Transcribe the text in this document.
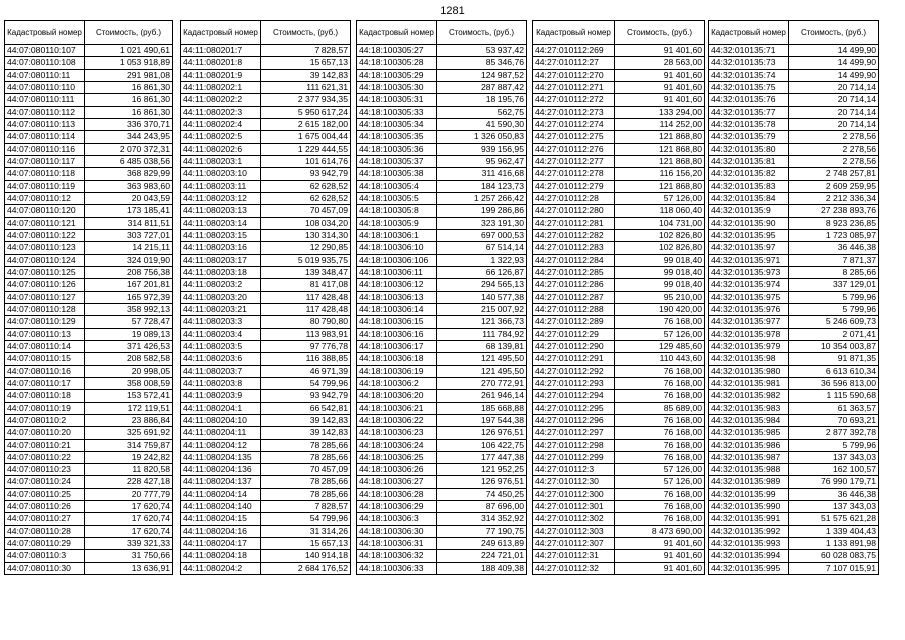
1281
Кадастровый номер	Стоимость, (руб.)
44:07:080110:107	1 021 490,61
44:07:080110:108	1 053 918,89
44:07:080110:11	291 981,08
44:07:080110:110	16 861,30
44:07:080110:111	16 861,30
44:07:080110:112	16 861,30
44:07:080110:113	336 370,71
44:07:080110:114	344 243,95
44:07:080110:116	2 070 372,31
44:07:080110:117	6 485 038,56
44:07:080110:118	368 829,99
44:07:080110:119	363 983,60
44:07:080110:12	20 043,59
44:07:080110:120	173 185,41
44:07:080110:121	314 811,51
44:07:080110:122	303 727,01
44:07:080110:123	14 215,11
44:07:080110:124	324 019,90
44:07:080110:125	208 756,38
44:07:080110:126	167 201,81
44:07:080110:127	165 972,39
44:07:080110:128	358 992,13
44:07:080110:129	57 728,47
44:07:080110:13	19 089,13
44:07:080110:14	371 426,53
44:07:080110:15	208 582,58
44:07:080110:16	20 998,05
44:07:080110:17	358 008,59
44:07:080110:18	153 572,41
44:07:080110:19	172 119,51
44:07:080110:2	23 886,84
44:07:080110:20	325 691,92
44:07:080110:21	314 759,87
44:07:080110:22	19 242,82
44:07:080110:23	11 820,58
44:07:080110:24	228 427,18
44:07:080110:25	20 777,79
44:07:080110:26	17 620,74
44:07:080110:27	17 620,74
44:07:080110:28	17 620,74
44:07:080110:29	339 321,33
44:07:080110:3	31 750,66
44:07:080110:30	13 636,91
Кадастровый номер	Стоимость, (руб.)
44:11:080201:7	7 828,57
44:11:080201:8	15 657,13
44:11:080201:9	39 142,83
44:11:080202:1	111 621,31
44:11:080202:2	2 377 934,35
44:11:080202:3	5 950 617,24
44:11:080202:4	2 615 182,00
44:11:080202:5	1 675 004,44
44:11:080202:6	1 229 444,55
44:11:080203:1	101 614,76
44:11:080203:10	93 942,79
44:11:080203:11	62 628,52
44:11:080203:12	62 628,52
44:11:080203:13	70 457,09
44:11:080203:14	108 034,20
44:11:080203:15	130 314,30
44:11:080203:16	12 290,85
44:11:080203:17	5 019 935,75
44:11:080203:18	139 348,47
44:11:080203:2	81 417,08
44:11:080203:20	117 428,48
44:11:080203:21	117 428,48
44:11:080203:3	80 790,80
44:11:080203:4	113 983,91
44:11:080203:5	97 776,78
44:11:080203:6	116 388,85
44:11:080203:7	46 971,39
44:11:080203:8	54 799,96
44:11:080203:9	93 942,79
44:11:080204:1	66 542,81
44:11:080204:10	39 142,83
44:11:080204:11	39 142,83
44:11:080204:12	78 285,66
44:11:080204:135	78 285,66
44:11:080204:136	70 457,09
44:11:080204:137	78 285,66
44:11:080204:14	78 285,66
44:11:080204:140	7 828,57
44:11:080204:15	54 799,96
44:11:080204:16	31 314,26
44:11:080204:17	15 657,13
44:11:080204:18	140 914,18
44:11:080204:2	2 684 176,52
Кадастровый номер	Стоимость, (руб.)
44:18:100305:27	53 937,42
44:18:100305:28	85 346,76
44:18:100305:29	124 987,52
44:18:100305:30	287 887,42
44:18:100305:31	18 195,76
44:18:100305:33	562,75
44:18:100305:34	41 590,30
44:18:100305:35	1 326 050,83
44:18:100305:36	939 156,95
44:18:100305:37	95 962,47
44:18:100305:38	311 416,68
44:18:100305:4	184 123,73
44:18:100305:5	1 257 266,42
44:18:100305:8	199 286,86
44:18:100305:9	323 191,30
44:18:100306:1	697 000,53
44:18:100306:10	67 514,14
44:18:100306:106	1 322,93
44:18:100306:11	66 126,87
44:18:100306:12	294 565,13
44:18:100306:13	140 577,38
44:18:100306:14	215 007,92
44:18:100306:15	121 366,73
44:18:100306:16	111 784,92
44:18:100306:17	68 139,81
44:18:100306:18	121 495,50
44:18:100306:19	121 495,50
44:18:100306:2	270 772,91
44:18:100306:20	261 946,14
44:18:100306:21	185 668,88
44:18:100306:22	197 544,38
44:18:100306:23	126 976,51
44:18:100306:24	106 422,75
44:18:100306:25	177 447,38
44:18:100306:26	121 952,25
44:18:100306:27	126 976,51
44:18:100306:28	74 450,25
44:18:100306:29	87 696,00
44:18:100306:3	314 352,92
44:18:100306:30	77 190,75
44:18:100306:31	249 613,89
44:18:100306:32	224 721,01
44:18:100306:33	188 409,38
Кадастровый номер	Стоимость, (руб.)
44:27:010112:269	91 401,60
44:27:010112:27	28 563,00
44:27:010112:270	91 401,60
44:27:010112:271	91 401,60
44:27:010112:272	91 401,60
44:27:010112:273	133 294,00
44:27:010112:274	114 252,00
44:27:010112:275	121 868,80
44:27:010112:276	121 868,80
44:27:010112:277	121 868,80
44:27:010112:278	116 156,20
44:27:010112:279	121 868,80
44:27:010112:28	57 126,00
44:27:010112:280	118 060,40
44:27:010112:281	104 731,00
44:27:010112:282	102 826,80
44:27:010112:283	102 826,80
44:27:010112:284	99 018,40
44:27:010112:285	99 018,40
44:27:010112:286	99 018,40
44:27:010112:287	95 210,00
44:27:010112:288	190 420,00
44:27:010112:289	76 168,00
44:27:010112:29	57 126,00
44:27:010112:290	129 485,60
44:27:010112:291	110 443,60
44:27:010112:292	76 168,00
44:27:010112:293	76 168,00
44:27:010112:294	76 168,00
44:27:010112:295	85 689,00
44:27:010112:296	76 168,00
44:27:010112:297	76 168,00
44:27:010112:298	76 168,00
44:27:010112:299	76 168,00
44:27:010112:3	57 126,00
44:27:010112:30	57 126,00
44:27:010112:300	76 168,00
44:27:010112:301	76 168,00
44:27:010112:302	76 168,00
44:27:010112:303	8 473 690,00
44:27:010112:307	91 401,60
44:27:010112:31	91 401,60
44:27:010112:32	91 401,60
Кадастровый номер	Стоимость, (руб.)
44:32:010135:71	14 499,90
44:32:010135:73	14 499,90
44:32:010135:74	14 499,90
44:32:010135:75	20 714,14
44:32:010135:76	20 714,14
44:32:010135:77	20 714,14
44:32:010135:78	20 714,14
44:32:010135:79	2 278,56
44:32:010135:80	2 278,56
44:32:010135:81	2 278,56
44:32:010135:82	2 748 257,81
44:32:010135:83	2 609 259,95
44:32:010135:84	2 212 336,34
44:32:010135:9	27 238 893,76
44:32:010135:90	8 923 236,85
44:32:010135:95	1 723 085,97
44:32:010135:97	36 446,38
44:32:010135:971	7 871,37
44:32:010135:973	8 285,66
44:32:010135:974	337 129,01
44:32:010135:975	5 799,96
44:32:010135:976	5 799,96
44:32:010135:977	5 246 609,73
44:32:010135:978	2 071,41
44:32:010135:979	10 354 003,87
44:32:010135:98	91 871,35
44:32:010135:980	6 613 610,34
44:32:010135:981	36 596 813,00
44:32:010135:982	1 115 590,68
44:32:010135:983	61 363,57
44:32:010135:984	70 693,21
44:32:010135:985	2 877 392,78
44:32:010135:986	5 799,96
44:32:010135:987	137 343,03
44:32:010135:988	162 100,57
44:32:010135:989	76 990 179,71
44:32:010135:99	36 446,38
44:32:010135:990	137 343,03
44:32:010135:991	51 575 621,28
44:32:010135:992	1 339 404,43
44:32:010135:993	1 133 891,98
44:32:010135:994	60 028 083,75
44:32:010135:995	7 107 015,91
